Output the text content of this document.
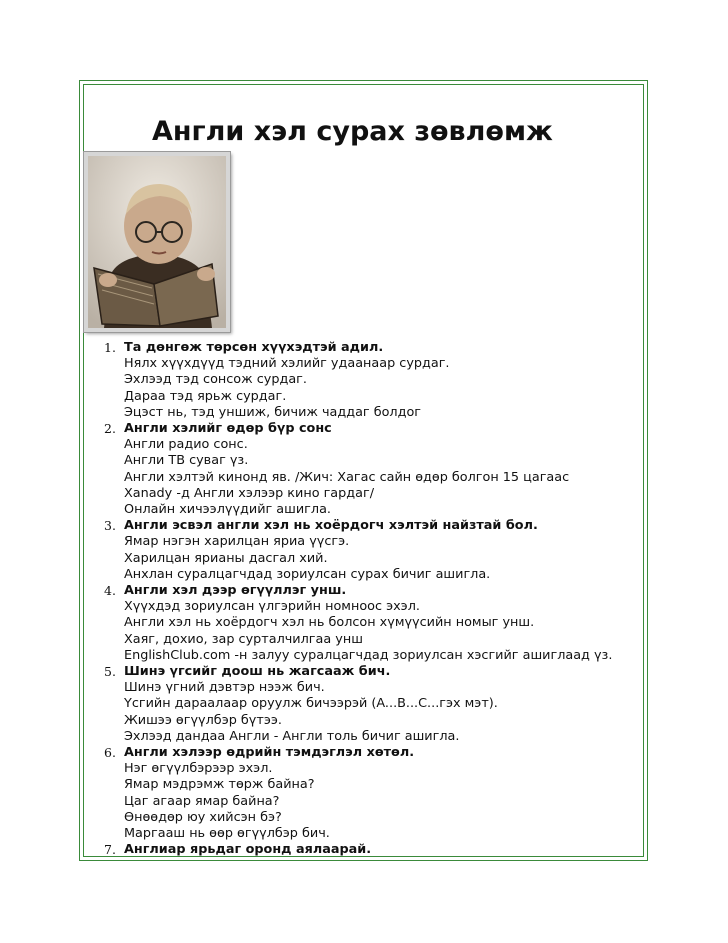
Англи хэл сурах зөвлөмж
1. Та дөнгөж төрсөн хүүхэдтэй адил.
Нялх хүүхдүүд тэдний хэлийг удаанаар сурдаг.
Эхлээд тэд сонсож сурдаг.
Дараа тэд ярьж сурдаг.
Эцэст нь, тэд уншиж, бичиж чаддаг болдог
2. Англи хэлийг өдөр бүр сонс
Англи радио сонс.
Англи ТВ суваг үз.
Англи хэлтэй кинонд яв. /Жич: Хагас сайн өдөр болгон 15 цагаас
Xanady -д Англи хэлээр кино гардаг/
Онлайн хичээлүүдийг ашигла.
3. Англи эсвэл англи хэл нь хоёрдогч хэлтэй найзтай бол.
Ямар нэгэн харилцан яриа үүсгэ.
Харилцан ярианы дасгал хий.
Анхлан суралцагчдад зориулсан сурах бичиг ашигла.
4. Англи хэл дээр өгүүллэг унш.
Хүүхдэд зориулсан үлгэрийн номноос эхэл.
Англи хэл нь хоёрдогч хэл нь болсон хүмүүсийн номыг унш.
Хаяг, дохио, зар сурталчилгаа унш
EnglishClub.com -н залуу суралцагчдад зориулсан хэсгийг ашиглаад үз.
5. Шинэ үгсийг доош нь жагсааж бич.
Шинэ үгний дэвтэр нээж бич.
Үсгийн дараалаар оруулж бичээрэй (A...B...C...гэх мэт).
Жишээ өгүүлбэр бүтээ.
Эхлээд дандаа Англи - Англи толь бичиг ашигла.
6. Англи хэлээр өдрийн тэмдэглэл хөтөл.
Нэг өгүүлбэрээр эхэл.
Ямар мэдрэмж төрж байна?
Цаг агаар ямар байна?
Өнөөдөр юу хийсэн бэ?
Маргааш нь өөр өгүүлбэр бич.
7. Англиар ярьдаг оронд аялаарай.
